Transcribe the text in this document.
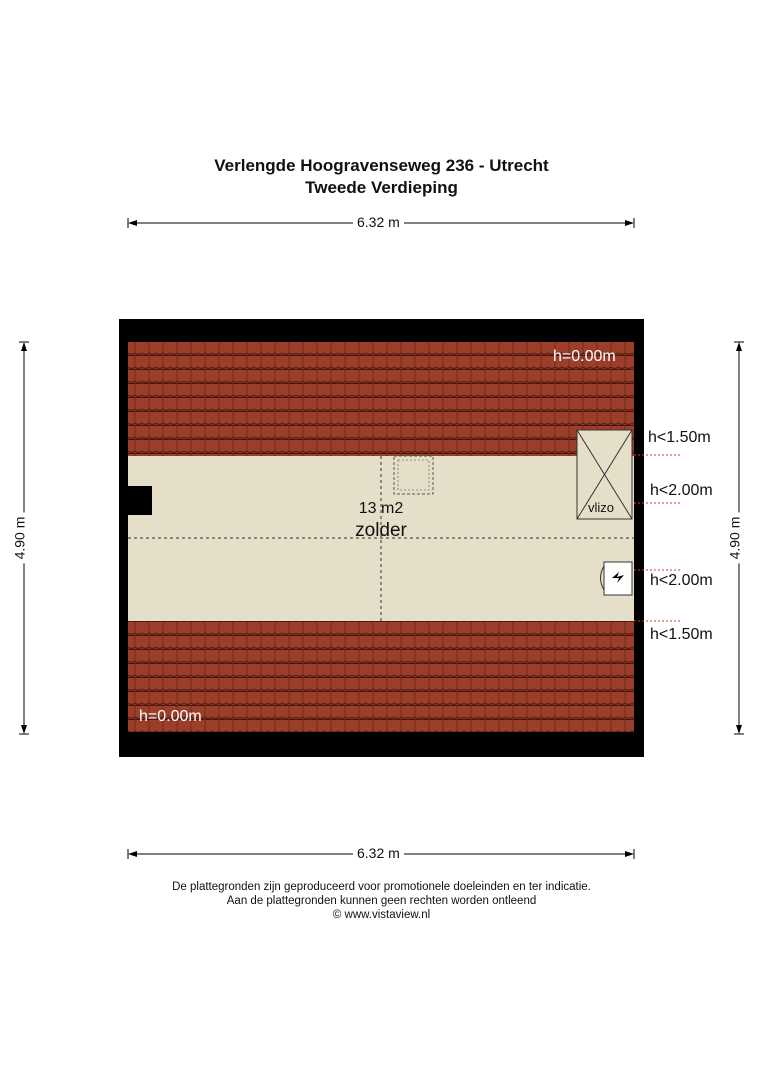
Verlengde Hoogravenseweg 236 - Utrecht
Tweede Verdieping
6.32 m
6.32 m
4.90 m	4.90 m
13 m2
zolder
vlizo
h=0.00m
h=0.00m
h<1.50m
h<2.00m
h<2.00m
h<1.50m
De plattegronden zijn geproduceerd voor promotionele doeleinden en ter indicatie.
Aan de plattegronden kunnen geen rechten worden ontleend
© www.vistaview.nl
